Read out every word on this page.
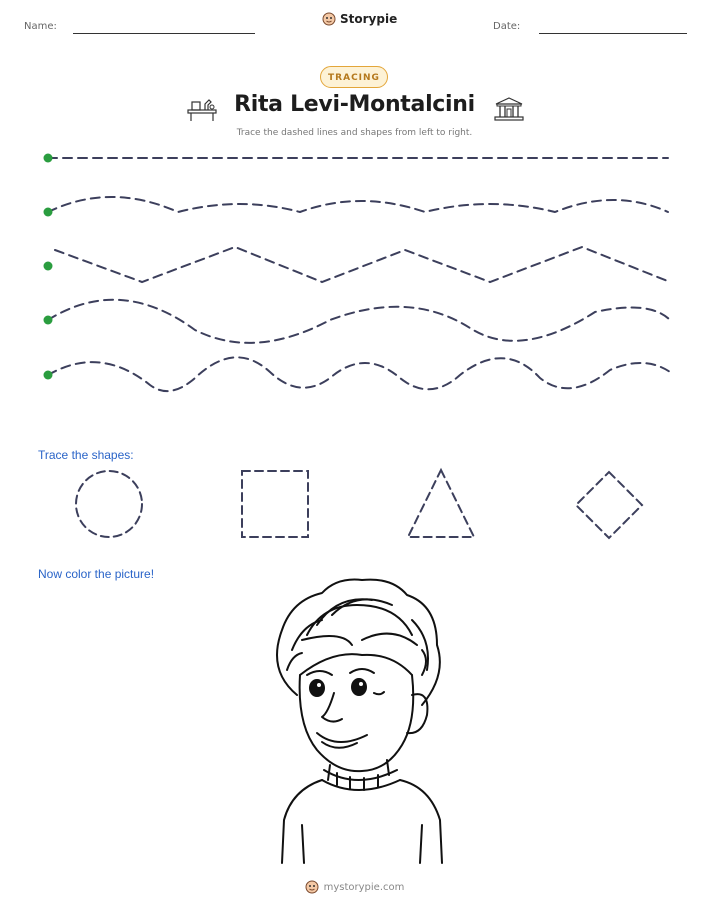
Name:
Storypie
Date:
TRACING
Rita Levi-Montalcini
Trace the dashed lines and shapes from left to right.
Trace the shapes:
Now color the picture!
mystorypie.com
